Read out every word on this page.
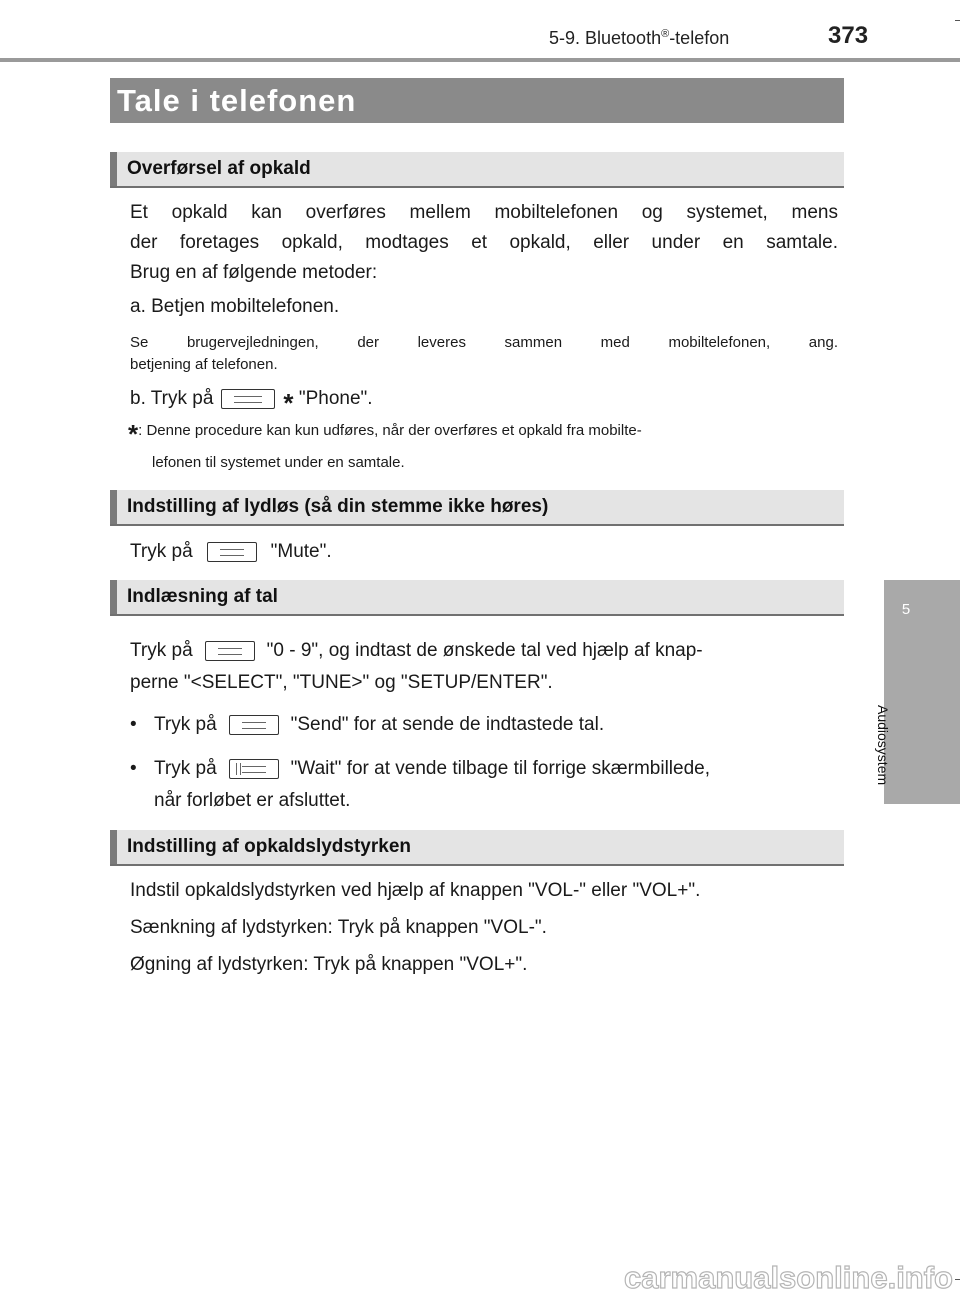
5-9. Bluetooth®-telefon	373
5
Audiosystem
Tale i telefonen
Overførsel af opkald
Et opkald kan overføres mellem mobiltelefonen og systemet, mens
der foretages opkald, modtages et opkald, eller under en samtale.
Brug en af følgende metoder:
a. Betjen mobiltelefonen.
Se brugervejledningen, der leveres sammen med mobiltelefonen, ang.
betjening af telefonen.
b. Tryk på	* "Phone".
*: Denne procedure kan kun udføres, når der overføres et opkald fra mobilte-
lefonen til systemet under en samtale.
Indstilling af lydløs (så din stemme ikke høres)
Tryk på	"Mute".
Indlæsning af tal
Tryk på	"0 - 9", og indtast de ønskede tal ved hjælp af knap-
perne "<SELECT", "TUNE>" og "SETUP/ENTER".
• Tryk på	"Send" for at sende de indtastede tal.
• Tryk på	"Wait" for at vende tilbage til forrige skærmbillede,
når forløbet er afsluttet.
Indstilling af opkaldslydstyrken
Indstil opkaldslydstyrken ved hjælp af knappen "VOL-" eller "VOL+".
Sænkning af lydstyrken: Tryk på knappen "VOL-".
Øgning af lydstyrken: Tryk på knappen "VOL+".
carmanualsonline.info
